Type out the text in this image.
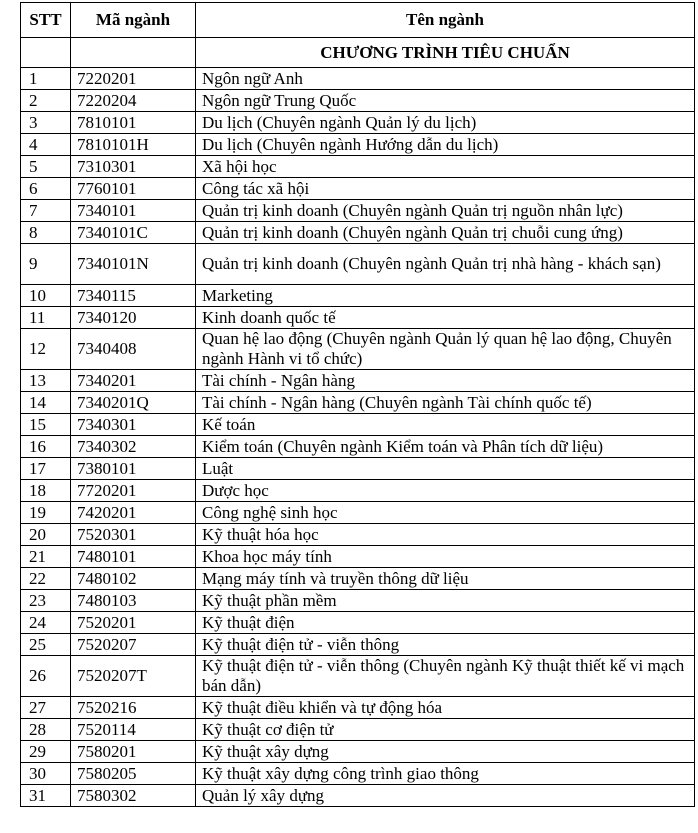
STT	Mã ngành	Tên ngành
		CHƯƠNG TRÌNH TIÊU CHUẨN
1	7220201	Ngôn ngữ Anh
2	7220204	Ngôn ngữ Trung Quốc
3	7810101	Du lịch (Chuyên ngành Quản lý du lịch)
4	7810101H	Du lịch (Chuyên ngành Hướng dẫn du lịch)
5	7310301	Xã hội học
6	7760101	Công tác xã hội
7	7340101	Quản trị kinh doanh (Chuyên ngành Quản trị nguồn nhân lực)
8	7340101C	Quản trị kinh doanh (Chuyên ngành Quản trị chuỗi cung ứng)
9	7340101N	Quản trị kinh doanh (Chuyên ngành Quản trị nhà hàng - khách sạn)
10	7340115	Marketing
11	7340120	Kinh doanh quốc tế
12	7340408	Quan hệ lao động (Chuyên ngành Quản lý quan hệ lao động, Chuyên ngành Hành vi tổ chức)
13	7340201	Tài chính - Ngân hàng
14	7340201Q	Tài chính - Ngân hàng (Chuyên ngành Tài chính quốc tế)
15	7340301	Kế toán
16	7340302	Kiểm toán (Chuyên ngành Kiểm toán và Phân tích dữ liệu)
17	7380101	Luật
18	7720201	Dược học
19	7420201	Công nghệ sinh học
20	7520301	Kỹ thuật hóa học
21	7480101	Khoa học máy tính
22	7480102	Mạng máy tính và truyền thông dữ liệu
23	7480103	Kỹ thuật phần mềm
24	7520201	Kỹ thuật điện
25	7520207	Kỹ thuật điện tử - viễn thông
26	7520207T	Kỹ thuật điện tử - viễn thông (Chuyên ngành Kỹ thuật thiết kế vi mạch bán dẫn)
27	7520216	Kỹ thuật điều khiển và tự động hóa
28	7520114	Kỹ thuật cơ điện tử
29	7580201	Kỹ thuật xây dựng
30	7580205	Kỹ thuật xây dựng công trình giao thông
31	7580302	Quản lý xây dựng
